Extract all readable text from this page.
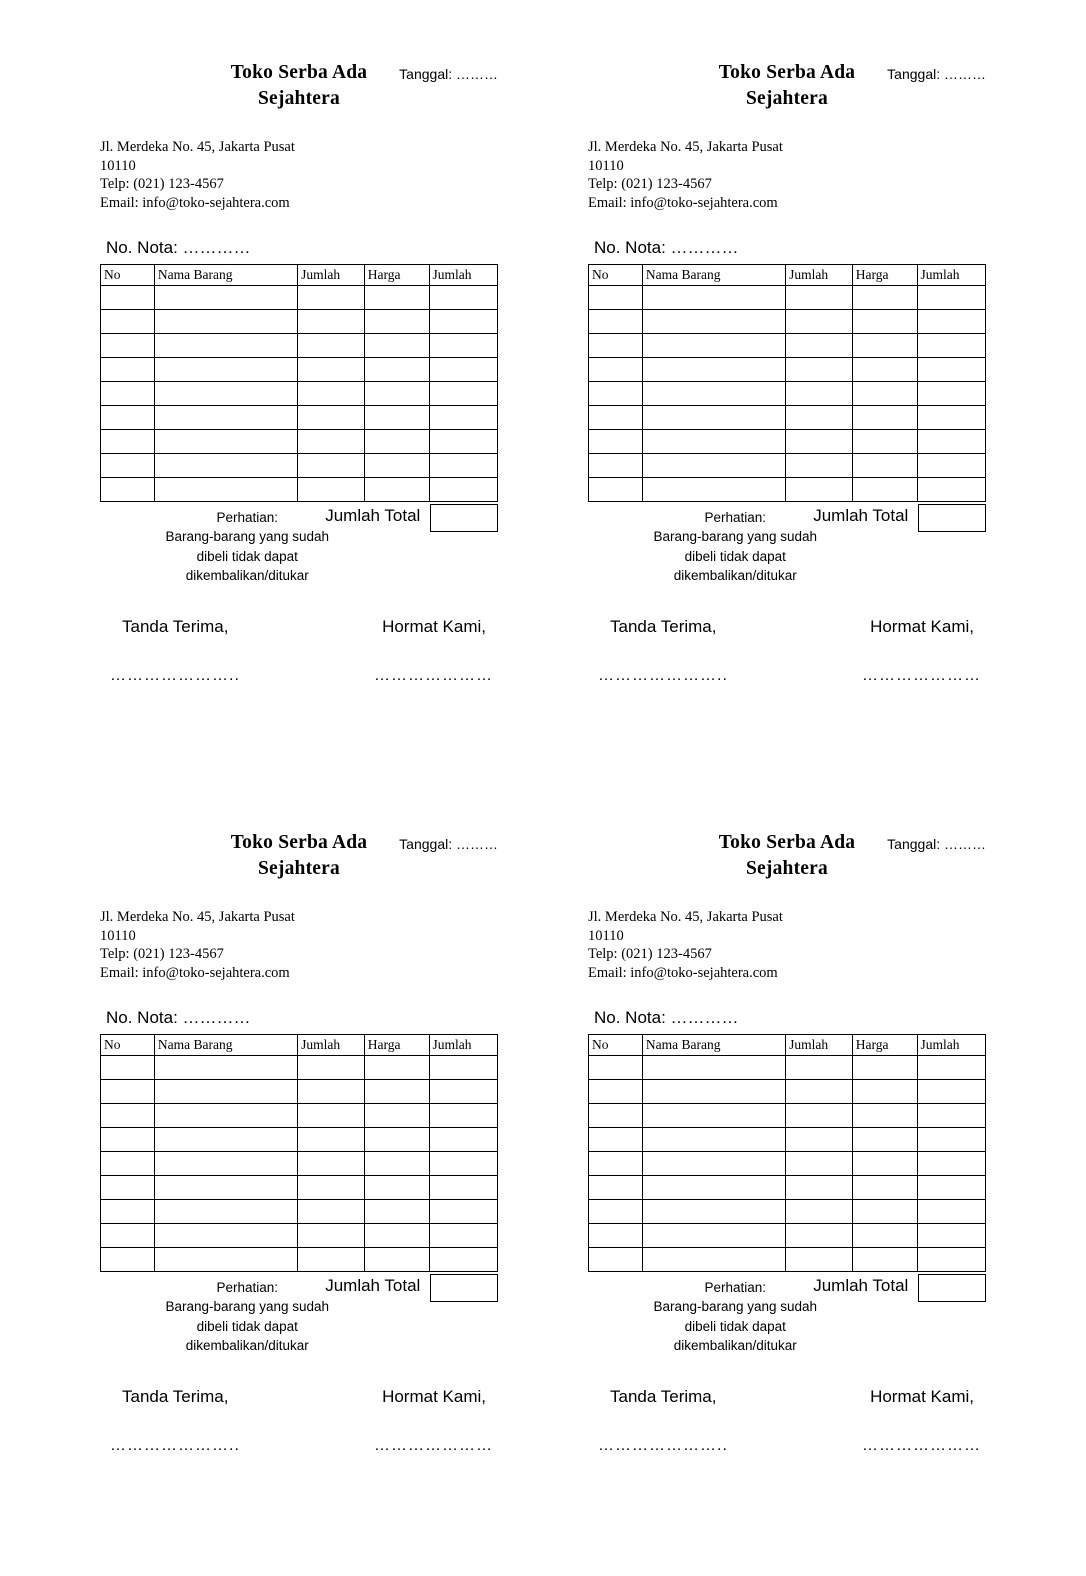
Toko Serba Ada
Sejahtera
Tanggal: ………
Jl. Merdeka No. 45, Jakarta Pusat
10110
Telp: (021) 123-4567
Email: info@toko-sejahtera.com
No. Nota: …………
No	Nama Barang	Jumlah	Harga	Jumlah

Jumlah Total
Perhatian:
Barang-barang yang sudah
dibeli tidak dapat
dikembalikan/ditukar
Tanda Terima,	Hormat Kami,
…………………..	…………………
Toko Serba Ada
Sejahtera
Tanggal: ………
Jl. Merdeka No. 45, Jakarta Pusat
10110
Telp: (021) 123-4567
Email: info@toko-sejahtera.com
No. Nota: …………
No	Nama Barang	Jumlah	Harga	Jumlah

Jumlah Total
Perhatian:
Barang-barang yang sudah
dibeli tidak dapat
dikembalikan/ditukar
Tanda Terima,	Hormat Kami,
…………………..	…………………
Toko Serba Ada
Sejahtera
Tanggal: ………
Jl. Merdeka No. 45, Jakarta Pusat
10110
Telp: (021) 123-4567
Email: info@toko-sejahtera.com
No. Nota: …………
No	Nama Barang	Jumlah	Harga	Jumlah

Jumlah Total
Perhatian:
Barang-barang yang sudah
dibeli tidak dapat
dikembalikan/ditukar
Tanda Terima,	Hormat Kami,
…………………..	…………………
Toko Serba Ada
Sejahtera
Tanggal: ………
Jl. Merdeka No. 45, Jakarta Pusat
10110
Telp: (021) 123-4567
Email: info@toko-sejahtera.com
No. Nota: …………
No	Nama Barang	Jumlah	Harga	Jumlah

Jumlah Total
Perhatian:
Barang-barang yang sudah
dibeli tidak dapat
dikembalikan/ditukar
Tanda Terima,	Hormat Kami,
…………………..	…………………
